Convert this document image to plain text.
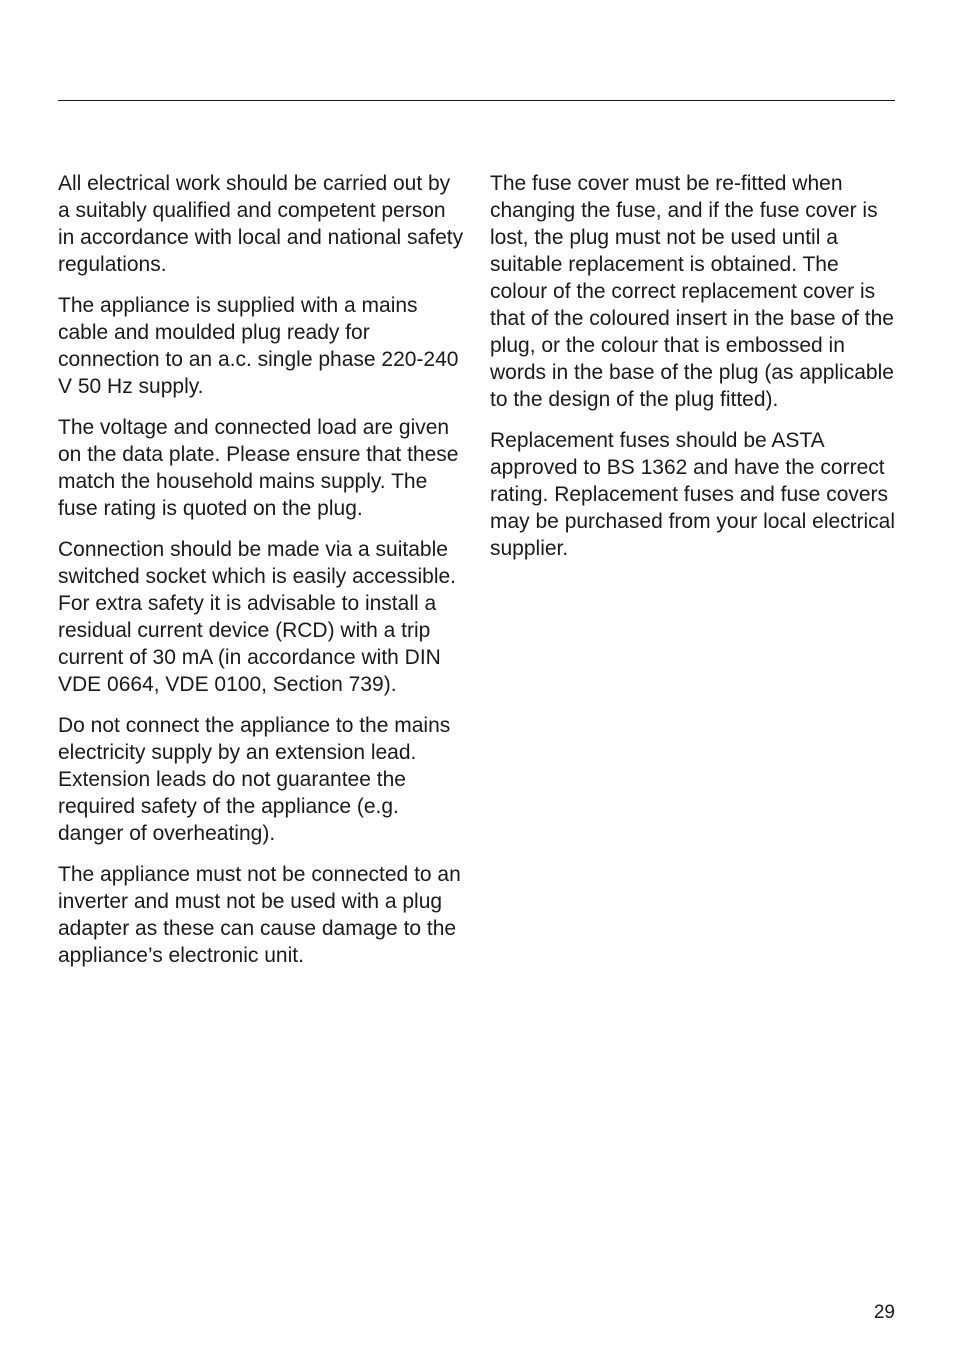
All electrical work should be carried out by a suitably qualified and competent person in accordance with local and national safety regulations.

The appliance is supplied with a mains cable and moulded plug ready for connection to an a.c. single phase 220-240 V 50 Hz supply.

The voltage and connected load are given on the data plate. Please ensure that these match the household mains supply. The fuse rating is quoted on the plug.

Connection should be made via a suitable switched socket which is easily accessible. For extra safety it is advisable to install a residual current device (RCD) with a trip current of 30 mA (in accordance with DIN VDE 0664, VDE 0100, Section 739).

Do not connect the appliance to the mains electricity supply by an extension lead. Extension leads do not guarantee the required safety of the appliance (e.g. danger of overheating).

The appliance must not be connected to an inverter and must not be used with a plug adapter as these can cause damage to the appliance’s electronic unit.

The fuse cover must be re-fitted when changing the fuse, and if the fuse cover is lost, the plug must not be used until a suitable replacement is obtained. The colour of the correct replacement cover is that of the coloured insert in the base of the plug, or the colour that is embossed in words in the base of the plug (as applicable to the design of the plug fitted).

Replacement fuses should be ASTA approved to BS 1362 and have the correct rating. Replacement fuses and fuse covers may be purchased from your local electrical supplier.

29
